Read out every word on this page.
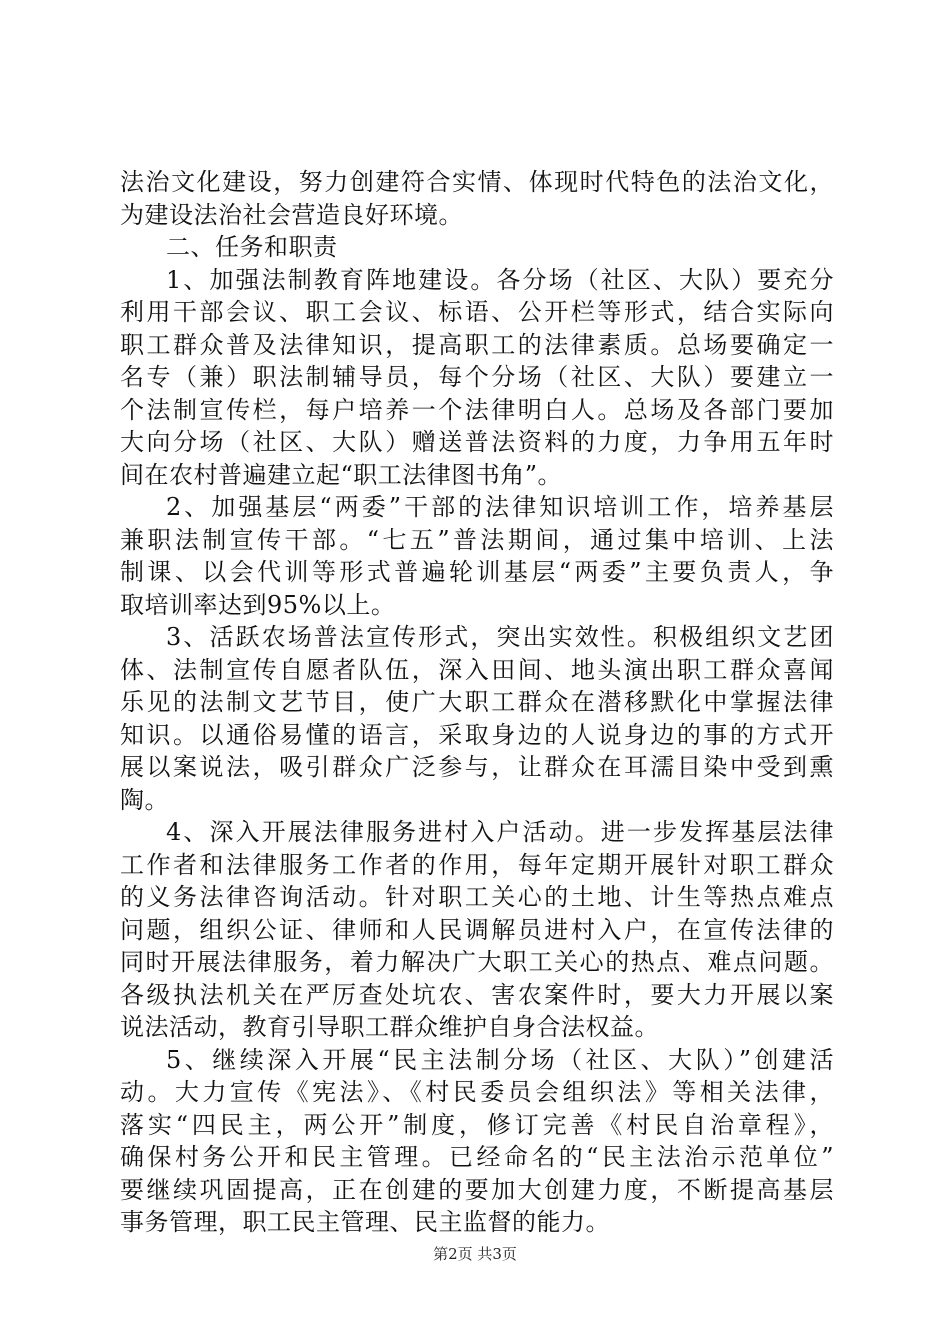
法治文化建设，努力创建符合实情、体现时代特色的法治文化，
为建设法治社会营造良好环境。
二、任务和职责
1、加强法制教育阵地建设。各分场（社区、大队）要充分
利用干部会议、职工会议、标语、公开栏等形式，结合实际向
职工群众普及法律知识，提高职工的法律素质。总场要确定一
名专（兼）职法制辅导员，每个分场（社区、大队）要建立一
个法制宣传栏，每户培养一个法律明白人。总场及各部门要加
大向分场（社区、大队）赠送普法资料的力度，力争用五年时
间在农村普遍建立起“职工法律图书角”。
2、加强基层“两委”干部的法律知识培训工作，培养基层
兼职法制宣传干部。“七五”普法期间，通过集中培训、上法
制课、以会代训等形式普遍轮训基层“两委”主要负责人，争
取培训率达到95%以上。
3、活跃农场普法宣传形式，突出实效性。积极组织文艺团
体、法制宣传自愿者队伍，深入田间、地头演出职工群众喜闻
乐见的法制文艺节目，使广大职工群众在潜移默化中掌握法律
知识。以通俗易懂的语言，采取身边的人说身边的事的方式开
展以案说法，吸引群众广泛参与，让群众在耳濡目染中受到熏
陶。
4、深入开展法律服务进村入户活动。进一步发挥基层法律
工作者和法律服务工作者的作用，每年定期开展针对职工群众
的义务法律咨询活动。针对职工关心的土地、计生等热点难点
问题，组织公证、律师和人民调解员进村入户，在宣传法律的
同时开展法律服务，着力解决广大职工关心的热点、难点问题。
各级执法机关在严厉查处坑农、害农案件时，要大力开展以案
说法活动，教育引导职工群众维护自身合法权益。
5、继续深入开展“民主法制分场（社区、大队）”创建活
动。大力宣传《宪法》、《村民委员会组织法》等相关法律，
落实“四民主，两公开”制度，修订完善《村民自治章程》，
确保村务公开和民主管理。已经命名的“民主法治示范单位”
要继续巩固提高，正在创建的要加大创建力度，不断提高基层
事务管理，职工民主管理、民主监督的能力。
第2页 共3页
